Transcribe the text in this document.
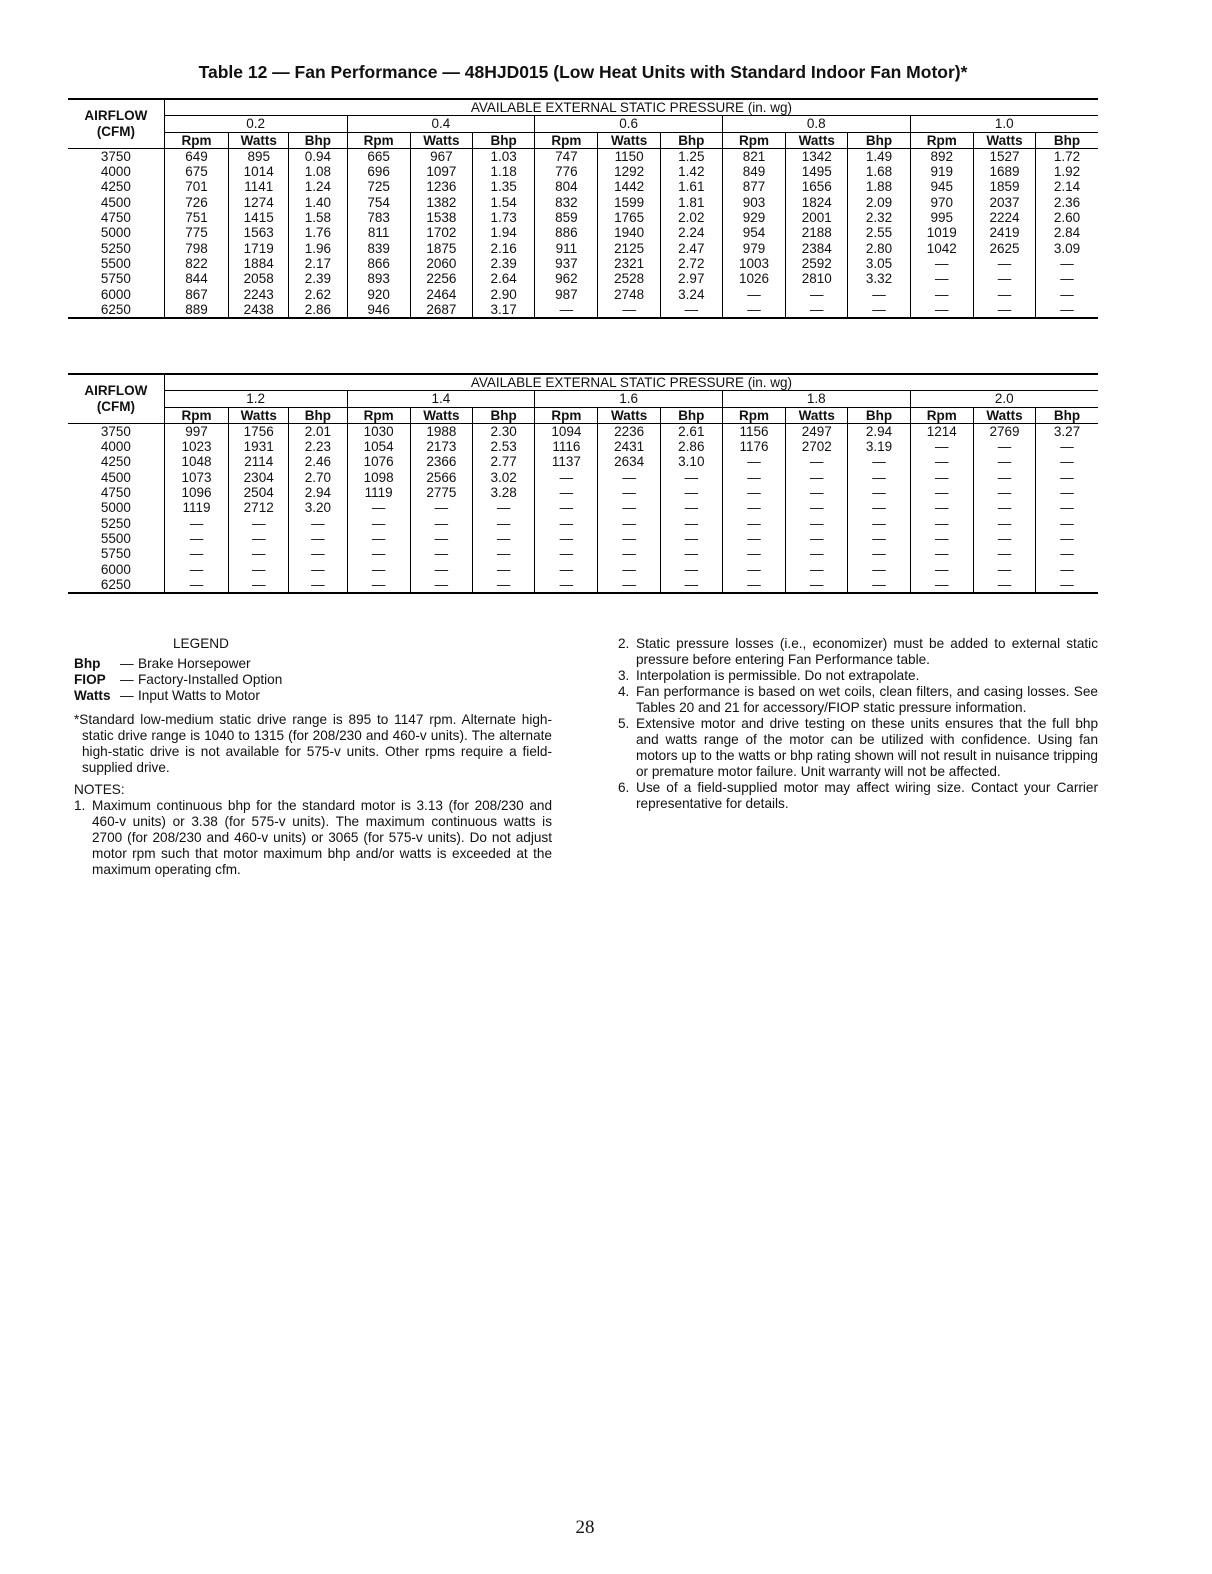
Table 12 — Fan Performance — 48HJD015 (Low Heat Units with Standard Indoor Fan Motor)*
AIRFLOW
(CFM)	AVAILABLE EXTERNAL STATIC PRESSURE (in. wg)														
	0.2			0.4			0.6			0.8			1.0		
	Rpm	Watts	Bhp	Rpm	Watts	Bhp	Rpm	Watts	Bhp	Rpm	Watts	Bhp	Rpm	Watts	Bhp
3750	649	895	0.94	665	967	1.03	747	1150	1.25	821	1342	1.49	892	1527	1.72
4000	675	1014	1.08	696	1097	1.18	776	1292	1.42	849	1495	1.68	919	1689	1.92
4250	701	1141	1.24	725	1236	1.35	804	1442	1.61	877	1656	1.88	945	1859	2.14
4500	726	1274	1.40	754	1382	1.54	832	1599	1.81	903	1824	2.09	970	2037	2.36
4750	751	1415	1.58	783	1538	1.73	859	1765	2.02	929	2001	2.32	995	2224	2.60
5000	775	1563	1.76	811	1702	1.94	886	1940	2.24	954	2188	2.55	1019	2419	2.84
5250	798	1719	1.96	839	1875	2.16	911	2125	2.47	979	2384	2.80	1042	2625	3.09
5500	822	1884	2.17	866	2060	2.39	937	2321	2.72	1003	2592	3.05	—	—	—
5750	844	2058	2.39	893	2256	2.64	962	2528	2.97	1026	2810	3.32	—	—	—
6000	867	2243	2.62	920	2464	2.90	987	2748	3.24	—	—	—	—	—	—
6250	889	2438	2.86	946	2687	3.17	—	—	—	—	—	—	—	—	—
AIRFLOW
(CFM)	AVAILABLE EXTERNAL STATIC PRESSURE (in. wg)														
	1.2			1.4			1.6			1.8			2.0		
	Rpm	Watts	Bhp	Rpm	Watts	Bhp	Rpm	Watts	Bhp	Rpm	Watts	Bhp	Rpm	Watts	Bhp
3750	997	1756	2.01	1030	1988	2.30	1094	2236	2.61	1156	2497	2.94	1214	2769	3.27
4000	1023	1931	2.23	1054	2173	2.53	1116	2431	2.86	1176	2702	3.19	—	—	—
4250	1048	2114	2.46	1076	2366	2.77	1137	2634	3.10	—	—	—	—	—	—
4500	1073	2304	2.70	1098	2566	3.02	—	—	—	—	—	—	—	—	—
4750	1096	2504	2.94	1119	2775	3.28	—	—	—	—	—	—	—	—	—
5000	1119	2712	3.20	—	—	—	—	—	—	—	—	—	—	—	—
5250	—	—	—	—	—	—	—	—	—	—	—	—	—	—	—
5500	—	—	—	—	—	—	—	—	—	—	—	—	—	—	—
5750	—	—	—	—	—	—	—	—	—	—	—	—	—	—	—
6000	—	—	—	—	—	—	—	—	—	—	—	—	—	—	—
6250	—	—	—	—	—	—	—	—	—	—	—	—	—	—	—
LEGEND
Bhp	— Brake Horsepower
FIOP	— Factory-Installed Option
Watts — Input Watts to Motor
*Standard low-medium static drive range is 895 to 1147 rpm. Alternate high-static drive range is 1040 to 1315 (for 208/230 and 460-v units). The alternate high-static drive is not available for 575-v units. Other rpms require a field-supplied drive.
NOTES:
1. Maximum continuous bhp for the standard motor is 3.13 (for 208/230 and 460-v units) or 3.38 (for 575-v units). The maximum continuous watts is 2700 (for 208/230 and 460-v units) or 3065 (for 575-v units). Do not adjust motor rpm such that motor maximum bhp and/or watts is exceeded at the maximum operating cfm.
2. Static pressure losses (i.e., economizer) must be added to external static pressure before entering Fan Performance table.
3. Interpolation is permissible. Do not extrapolate.
4. Fan performance is based on wet coils, clean filters, and casing losses. See Tables 20 and 21 for accessory/FIOP static pressure information.
5. Extensive motor and drive testing on these units ensures that the full bhp and watts range of the motor can be utilized with confidence. Using fan motors up to the watts or bhp rating shown will not result in nuisance tripping or premature motor failure. Unit warranty will not be affected.
6. Use of a field-supplied motor may affect wiring size. Contact your Carrier representative for details.
28
